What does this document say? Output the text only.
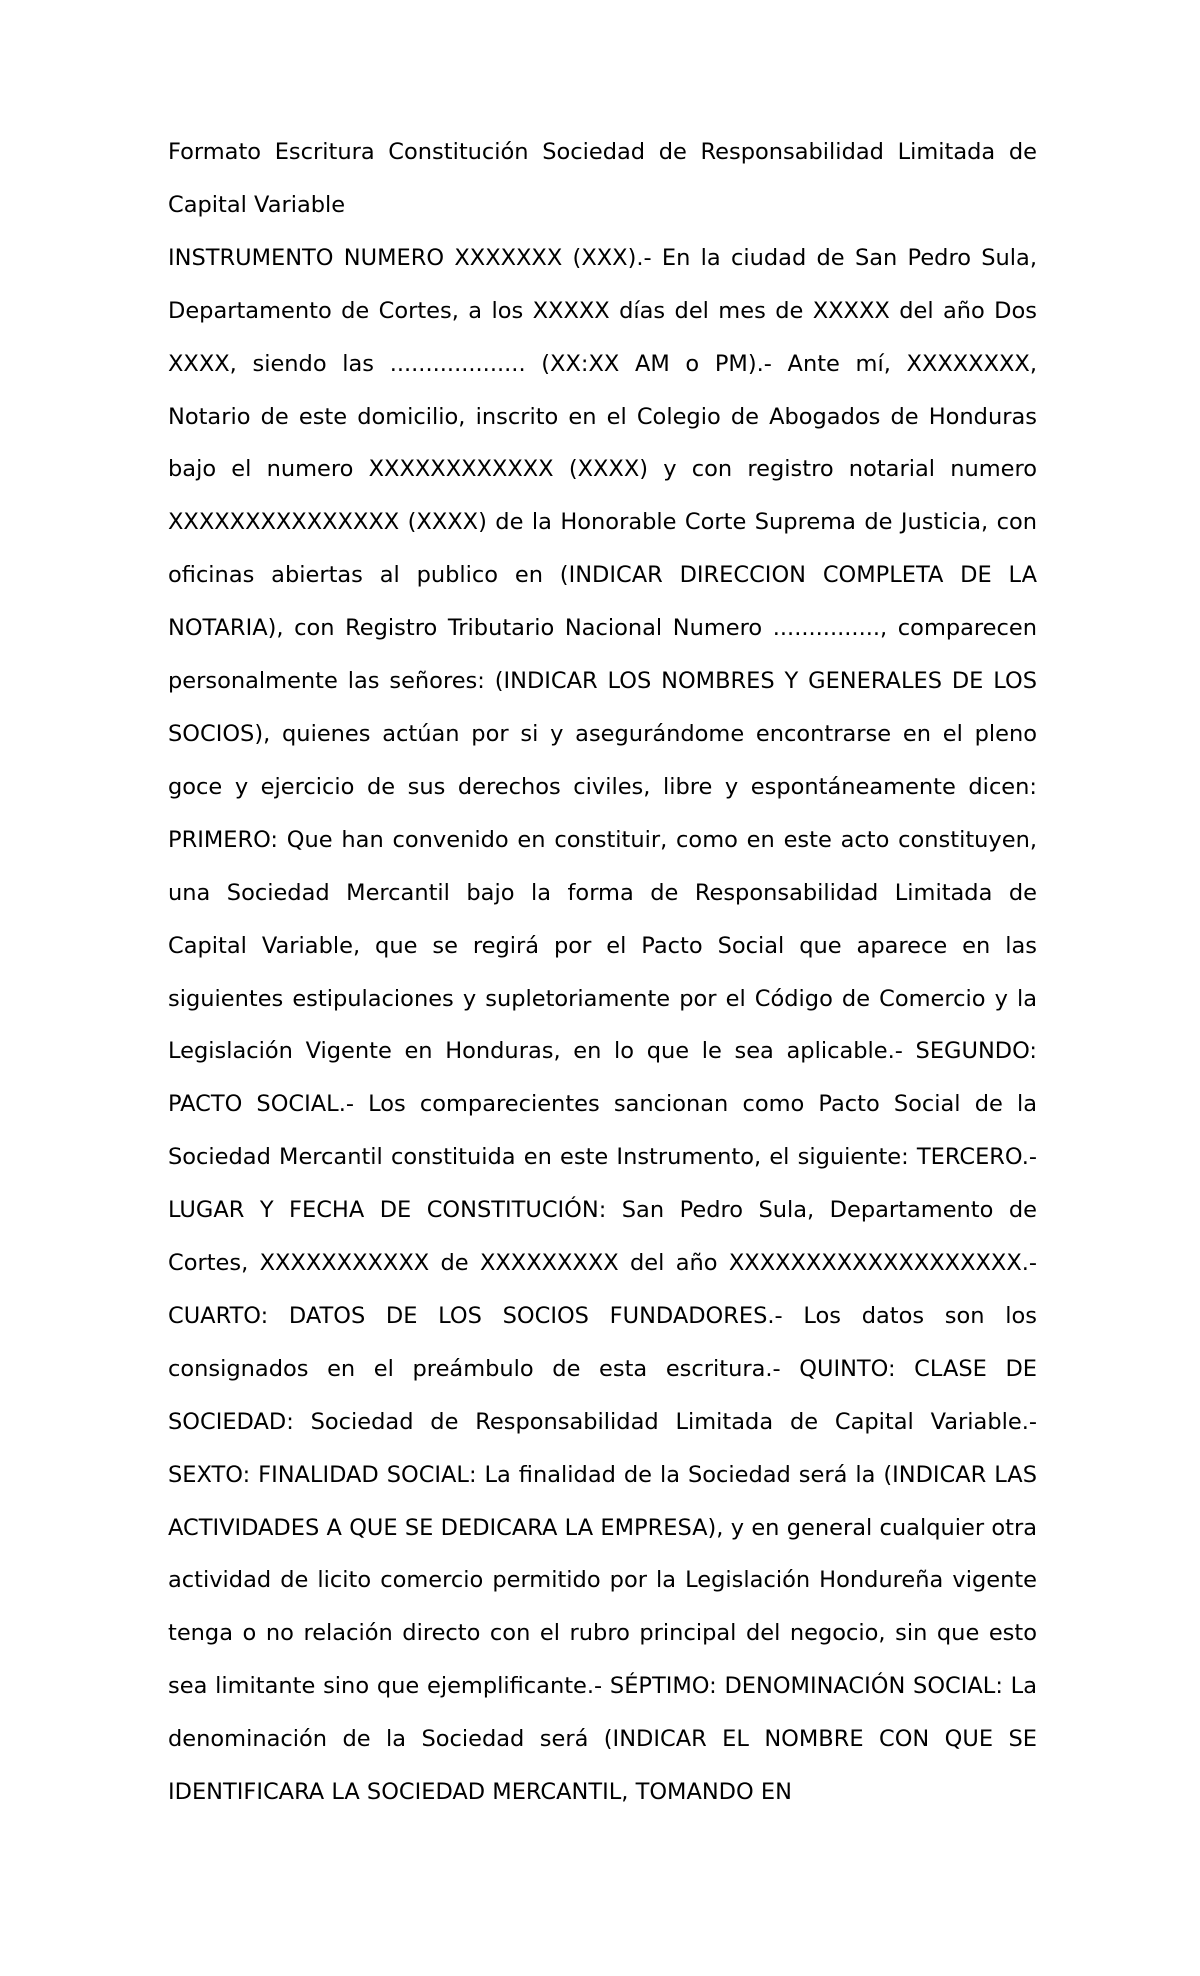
Formato Escritura Constitución Sociedad de Responsabilidad Limitada de Capital Variable

INSTRUMENTO NUMERO XXXXXXX (XXX).- En la ciudad de San Pedro Sula, Departamento de Cortes, a los XXXXX días del mes de XXXXX del año Dos XXXX, siendo las ................... (XX:XX AM o PM).- Ante mí, XXXXXXXX, Notario de este domicilio, inscrito en el Colegio de Abogados de Honduras bajo el numero XXXXXXXXXXXX (XXXX) y con registro notarial numero XXXXXXXXXXXXXXX (XXXX) de la Honorable Corte Suprema de Justicia, con oficinas abiertas al publico en (INDICAR DIRECCION COMPLETA DE LA NOTARIA), con Registro Tributario Nacional Numero ..............., comparecen personalmente las señores: (INDICAR LOS NOMBRES Y GENERALES DE LOS SOCIOS), quienes actúan por si y asegurándome encontrarse en el pleno goce y ejercicio de sus derechos civiles, libre y espontáneamente dicen: PRIMERO: Que han convenido en constituir, como en este acto constituyen, una Sociedad Mercantil bajo la forma de Responsabilidad Limitada de Capital Variable, que se regirá por el Pacto Social que aparece en las siguientes estipulaciones y supletoriamente por el Código de Comercio y la Legislación Vigente en Honduras, en lo que le sea aplicable.- SEGUNDO: PACTO SOCIAL.- Los comparecientes sancionan como Pacto Social de la Sociedad Mercantil constituida en este Instrumento, el siguiente: TERCERO.- LUGAR Y FECHA DE CONSTITUCIÓN: San Pedro Sula, Departamento de Cortes, XXXXXXXXXXX de XXXXXXXXX del año XXXXXXXXXXXXXXXXXXX.- CUARTO: DATOS DE LOS SOCIOS FUNDADORES.- Los datos son los consignados en el preámbulo de esta escritura.- QUINTO: CLASE DE SOCIEDAD: Sociedad de Responsabilidad Limitada de Capital Variable.- SEXTO: FINALIDAD SOCIAL: La finalidad de la Sociedad será la (INDICAR LAS ACTIVIDADES A QUE SE DEDICARA LA EMPRESA), y en general cualquier otra actividad de licito comercio permitido por la Legislación Hondureña vigente tenga o no relación directo con el rubro principal del negocio, sin que esto sea limitante sino que ejemplificante.- SÉPTIMO: DENOMINACIÓN SOCIAL: La denominación de la Sociedad será (INDICAR EL NOMBRE CON QUE SE IDENTIFICARA LA SOCIEDAD MERCANTIL, TOMANDO EN
